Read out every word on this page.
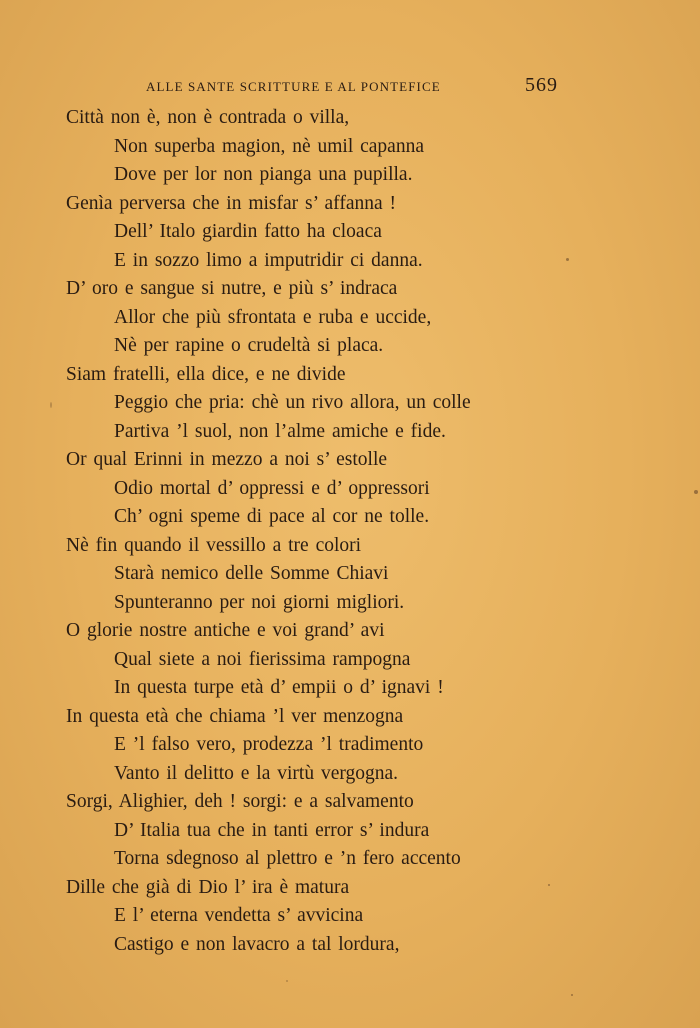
ALLE SANTE SCRITTURE E AL PONTEFICE	569
Città non è, non è contrada o villa,
Non superba magion, nè umil capanna
Dove per lor non pianga una pupilla.
Genìa perversa che in misfar s’ affanna !
Dell’ Italo giardin fatto ha cloaca
E in sozzo limo a imputridir ci danna.
D’ oro e sangue si nutre, e più s’ indraca
Allor che più sfrontata e ruba e uccide,
Nè per rapine o crudeltà si placa.
Siam fratelli, ella dice, e ne divide
Peggio che pria: chè un rivo allora, un colle
Partiva ’l suol, non l’alme amiche e fide.
Or qual Erinni in mezzo a noi s’ estolle
Odio mortal d’ oppressi e d’ oppressori
Ch’ ogni speme di pace al cor ne tolle.
Nè fin quando il vessillo a tre colori
Starà nemico delle Somme Chiavi
Spunteranno per noi giorni migliori.
O glorie nostre antiche e voi grand’ avi
Qual siete a noi fierissima rampogna
In questa turpe età d’ empii o d’ ignavi !
In questa età che chiama ’l ver menzogna
E ’l falso vero, prodezza ’l tradimento
Vanto il delitto e la virtù vergogna.
Sorgi, Alighier, deh ! sorgi: e a salvamento
D’ Italia tua che in tanti error s’ indura
Torna sdegnoso al plettro e ’n fero accento
Dille che già di Dio l’ ira è matura
E l’ eterna vendetta s’ avvicina
Castigo e non lavacro a tal lordura,
